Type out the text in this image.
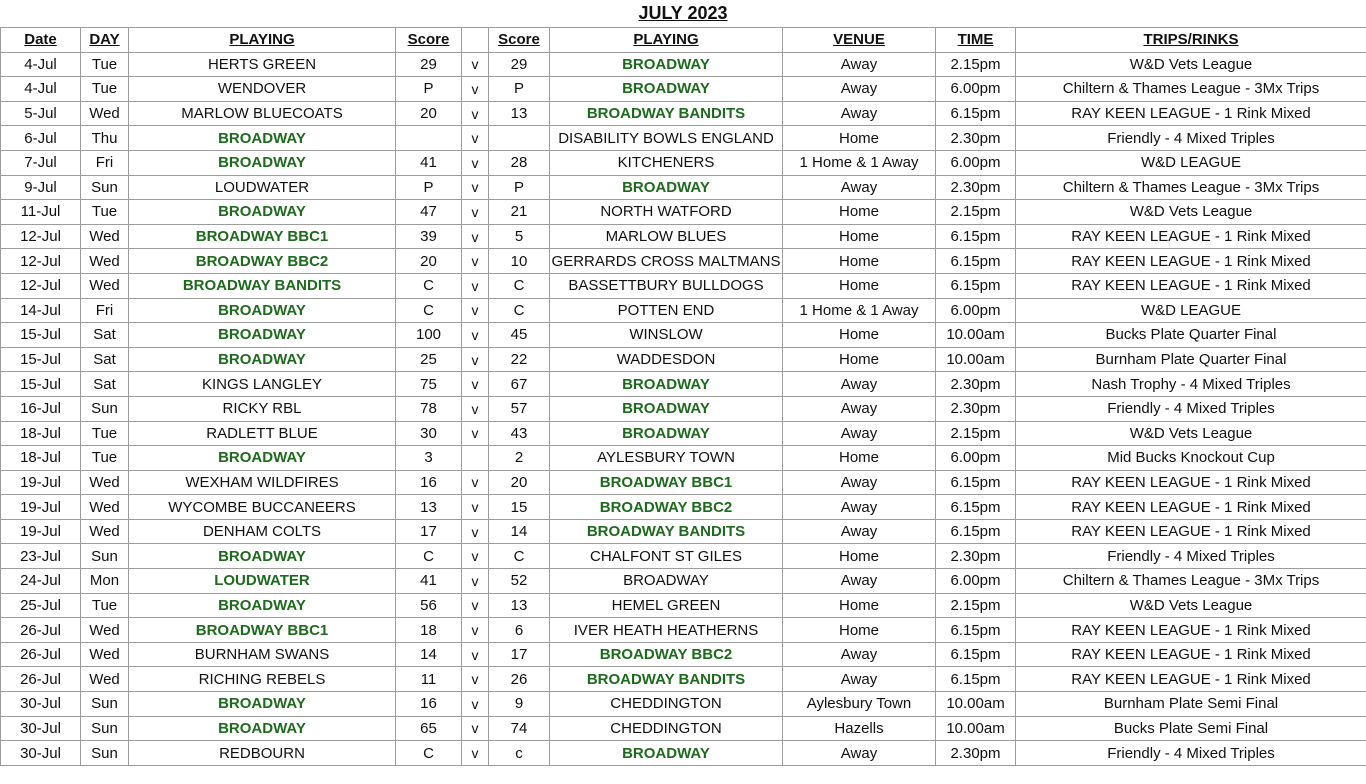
JULY 2023
Date	DAY	PLAYING	Score		Score	PLAYING	VENUE	TIME	TRIPS/RINKS
4-Jul	Tue	HERTS GREEN	29	v	29	BROADWAY	Away	2.15pm	W&D Vets League
4-Jul	Tue	WENDOVER	P	v	P	BROADWAY	Away	6.00pm	Chiltern & Thames League - 3Mx Trips
5-Jul	Wed	MARLOW BLUECOATS	20	v	13	BROADWAY BANDITS	Away	6.15pm	RAY KEEN LEAGUE - 1 Rink Mixed
6-Jul	Thu	BROADWAY		v		DISABILITY BOWLS ENGLAND	Home	2.30pm	Friendly - 4 Mixed Triples
7-Jul	Fri	BROADWAY	41	v	28	KITCHENERS	1 Home & 1 Away	6.00pm	W&D LEAGUE
9-Jul	Sun	LOUDWATER	P	v	P	BROADWAY	Away	2.30pm	Chiltern & Thames League - 3Mx Trips
11-Jul	Tue	BROADWAY	47	v	21	NORTH WATFORD	Home	2.15pm	W&D Vets League
12-Jul	Wed	BROADWAY BBC1	39	v	5	MARLOW BLUES	Home	6.15pm	RAY KEEN LEAGUE - 1 Rink Mixed
12-Jul	Wed	BROADWAY BBC2	20	v	10	GERRARDS CROSS MALTMANS	Home	6.15pm	RAY KEEN LEAGUE - 1 Rink Mixed
12-Jul	Wed	BROADWAY BANDITS	C	v	C	BASSETTBURY BULLDOGS	Home	6.15pm	RAY KEEN LEAGUE - 1 Rink Mixed
14-Jul	Fri	BROADWAY	C	v	C	POTTEN END	1 Home & 1 Away	6.00pm	W&D LEAGUE
15-Jul	Sat	BROADWAY	100	v	45	WINSLOW	Home	10.00am	Bucks Plate Quarter Final
15-Jul	Sat	BROADWAY	25	v	22	WADDESDON	Home	10.00am	Burnham Plate Quarter Final
15-Jul	Sat	KINGS LANGLEY	75	v	67	BROADWAY	Away	2.30pm	Nash Trophy - 4 Mixed Triples
16-Jul	Sun	RICKY RBL	78	v	57	BROADWAY	Away	2.30pm	Friendly - 4 Mixed Triples
18-Jul	Tue	RADLETT BLUE	30	v	43	BROADWAY	Away	2.15pm	W&D Vets League
18-Jul	Tue	BROADWAY	3		2	AYLESBURY TOWN	Home	6.00pm	Mid Bucks Knockout Cup
19-Jul	Wed	WEXHAM WILDFIRES	16	v	20	BROADWAY BBC1	Away	6.15pm	RAY KEEN LEAGUE - 1 Rink Mixed
19-Jul	Wed	WYCOMBE BUCCANEERS	13	v	15	BROADWAY BBC2	Away	6.15pm	RAY KEEN LEAGUE - 1 Rink Mixed
19-Jul	Wed	DENHAM COLTS	17	v	14	BROADWAY BANDITS	Away	6.15pm	RAY KEEN LEAGUE - 1 Rink Mixed
23-Jul	Sun	BROADWAY	C	v	C	CHALFONT ST GILES	Home	2.30pm	Friendly - 4 Mixed Triples
24-Jul	Mon	LOUDWATER	41	v	52	BROADWAY	Away	6.00pm	Chiltern & Thames League - 3Mx Trips
25-Jul	Tue	BROADWAY	56	v	13	HEMEL GREEN	Home	2.15pm	W&D Vets League
26-Jul	Wed	BROADWAY BBC1	18	v	6	IVER HEATH HEATHERNS	Home	6.15pm	RAY KEEN LEAGUE - 1 Rink Mixed
26-Jul	Wed	BURNHAM SWANS	14	v	17	BROADWAY BBC2	Away	6.15pm	RAY KEEN LEAGUE - 1 Rink Mixed
26-Jul	Wed	RICHING REBELS	11	v	26	BROADWAY BANDITS	Away	6.15pm	RAY KEEN LEAGUE - 1 Rink Mixed
30-Jul	Sun	BROADWAY	16	v	9	CHEDDINGTON	Aylesbury Town	10.00am	Burnham Plate Semi Final
30-Jul	Sun	BROADWAY	65	v	74	CHEDDINGTON	Hazells	10.00am	Bucks Plate Semi Final
30-Jul	Sun	REDBOURN	C	v	c	BROADWAY	Away	2.30pm	Friendly - 4 Mixed Triples
